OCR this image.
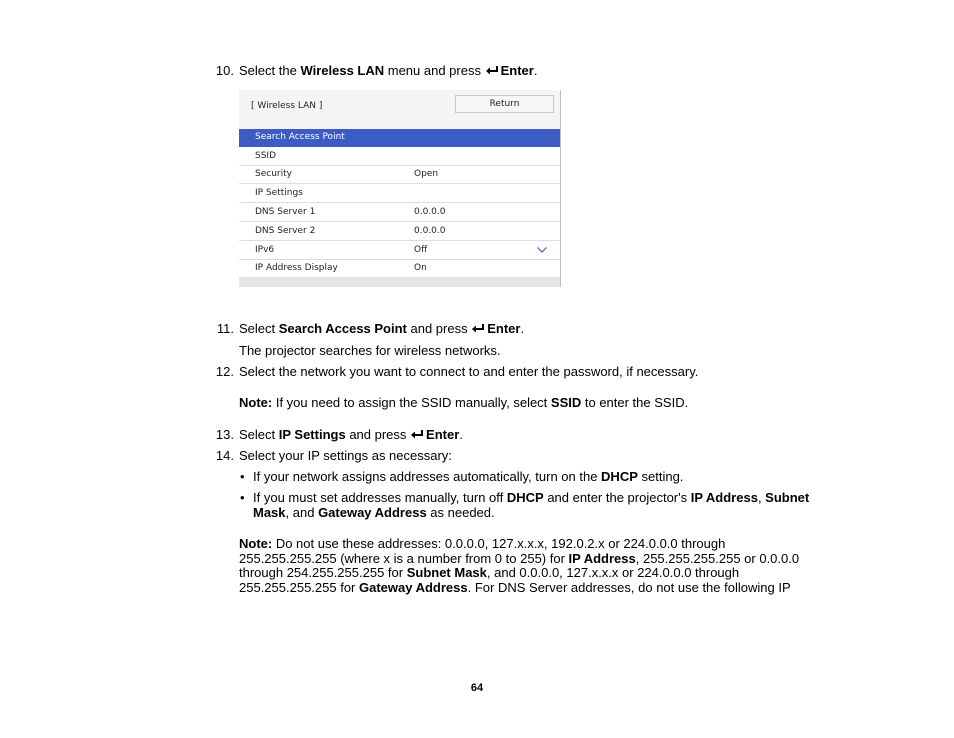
10. Select the Wireless LAN menu and press Enter.
[ Wireless LAN ]	Return
Search Access Point
SSID
Security	Open
IP Settings
DNS Server 1	0.0.0.0
DNS Server 2	0.0.0.0
IPv6	Off
IP Address Display	On
11. Select Search Access Point and press Enter.
The projector searches for wireless networks.
12. Select the network you want to connect to and enter the password, if necessary.
Note: If you need to assign the SSID manually, select SSID to enter the SSID.
13. Select IP Settings and press Enter.
14. Select your IP settings as necessary:
• If your network assigns addresses automatically, turn on the DHCP setting.
• If you must set addresses manually, turn off DHCP and enter the projector's IP Address, Subnet
Mask, and Gateway Address as needed.
Note: Do not use these addresses: 0.0.0.0, 127.x.x.x, 192.0.2.x or 224.0.0.0 through
255.255.255.255 (where x is a number from 0 to 255) for IP Address, 255.255.255.255 or 0.0.0.0
through 254.255.255.255 for Subnet Mask, and 0.0.0.0, 127.x.x.x or 224.0.0.0 through
255.255.255.255 for Gateway Address. For DNS Server addresses, do not use the following IP
64
